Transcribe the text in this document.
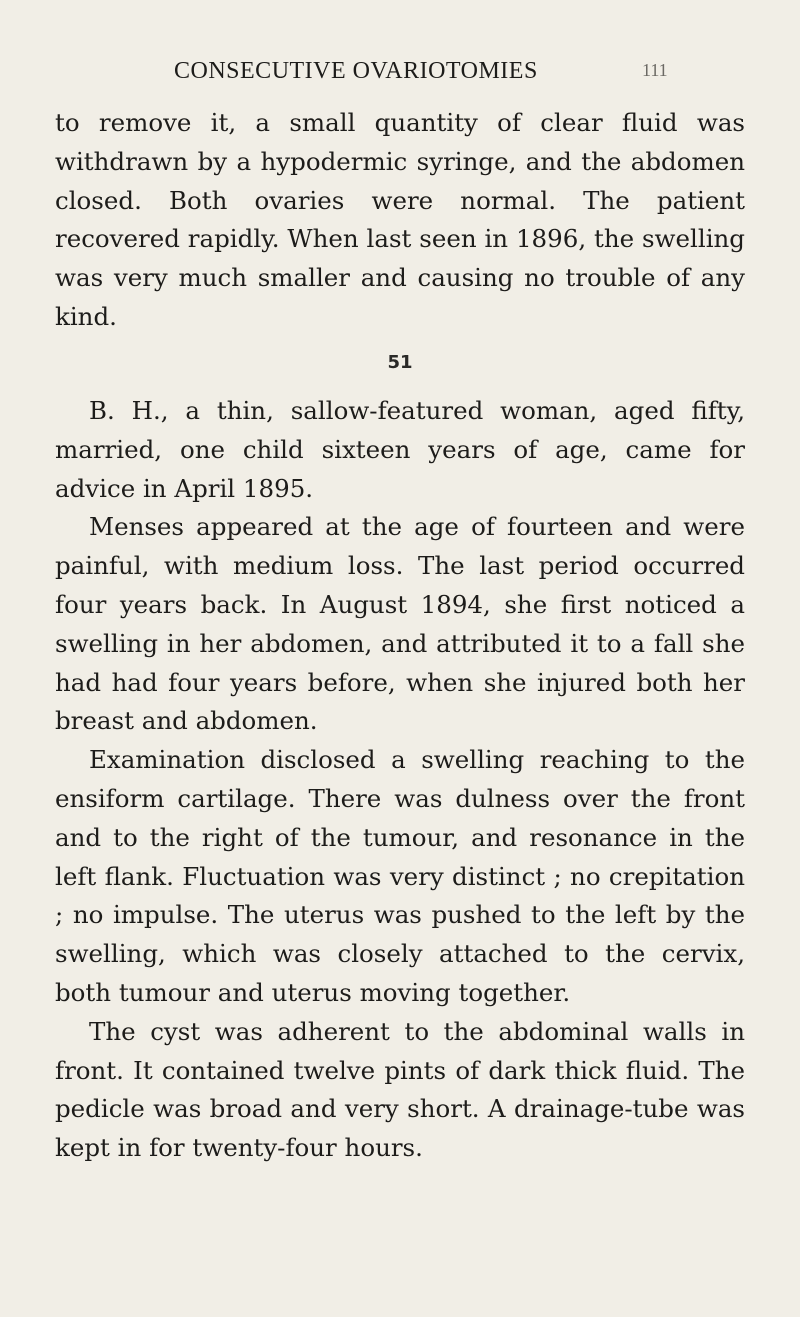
CONSECUTIVE OVARIOTOMIES	111

to remove it, a small quantity of clear fluid was withdrawn by a hypodermic syringe, and the abdomen closed. Both ovaries were normal. The patient recovered rapidly. When last seen in 1896, the swelling was very much smaller and causing no trouble of any kind.

51

B. H., a thin, sallow-featured woman, aged fifty, married, one child sixteen years of age, came for advice in April 1895.

Menses appeared at the age of fourteen and were painful, with medium loss. The last period occurred four years back. In August 1894, she first noticed a swelling in her abdomen, and attributed it to a fall she had had four years before, when she injured both her breast and abdomen.

Examination disclosed a swelling reaching to the ensiform cartilage. There was dulness over the front and to the right of the tumour, and resonance in the left flank. Fluctuation was very distinct ; no crepitation ; no impulse. The uterus was pushed to the left by the swelling, which was closely attached to the cervix, both tumour and uterus moving together.

The cyst was adherent to the abdominal walls in front. It contained twelve pints of dark thick fluid. The pedicle was broad and very short. A drainage-tube was kept in for twenty-four hours.
